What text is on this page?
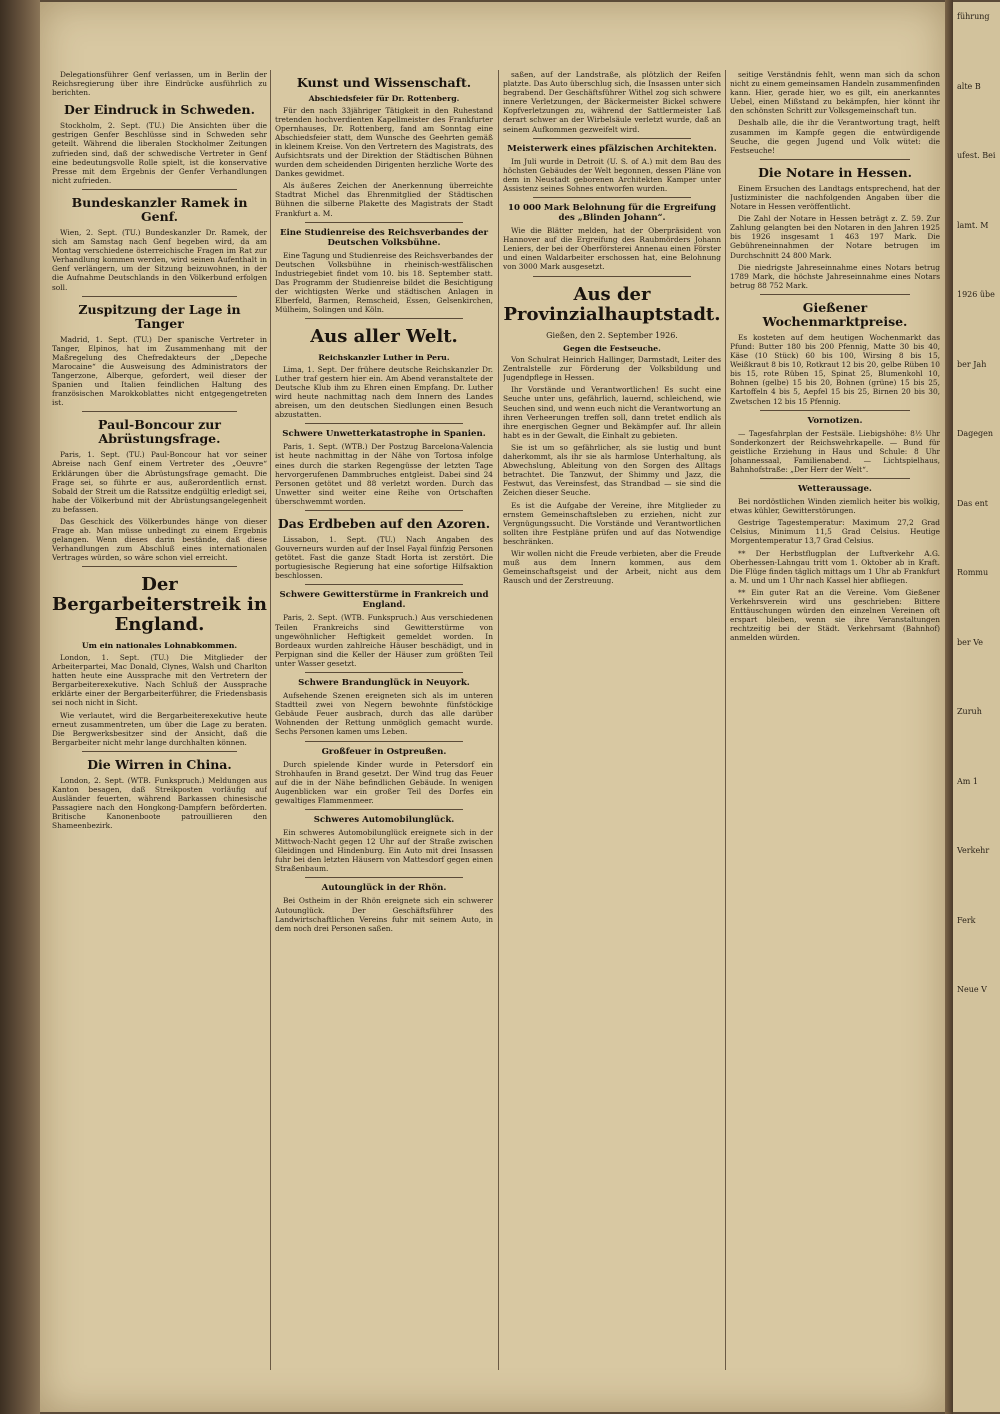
Delegationsführer Genf verlassen, um in Berlin der Reichsregierung über ihre Eindrücke ausführlich zu berichten.

Der Eindruck in Schweden.

Stockholm, 2. Sept. (TU.) Die Ansichten über die gestrigen Genfer Beschlüsse sind in Schweden sehr geteilt. Während die liberalen Stockholmer Zeitungen zufrieden sind, daß der schwedische Vertreter in Genf eine bedeutungsvolle Rolle spielt, ist die konservative Presse mit dem Ergebnis der Genfer Verhandlungen nicht zufrieden.

Bundeskanzler Ramek in Genf.

Wien, 2. Sept. (TU.) Bundeskanzler Dr. Ramek, der sich am Samstag nach Genf begeben wird, da am Montag verschiedene österreichische Fragen im Rat zur Verhandlung kommen werden, wird seinen Aufenthalt in Genf verlängern, um der Sitzung beizuwohnen, in der die Aufnahme Deutschlands in den Völkerbund erfolgen soll.

Zuspitzung der Lage in Tanger

Madrid, 1. Sept. (TU.) Der spanische Vertreter in Tanger, Elpinos, hat im Zusammenhang mit der Maßregelung des Chefredakteurs der „Depeche Marocaine“ die Ausweisung des Administrators der Tangerzone, Alberque, gefordert, weil dieser der Spanien und Italien feindlichen Haltung des französischen Marokkoblattes nicht entgegengetreten ist.

Paul-Boncour zur Abrüstungsfrage.

Paris, 1. Sept. (TU.) Paul-Boncour hat vor seiner Abreise nach Genf einem Vertreter des „Oeuvre“ Erklärungen über die Abrüstungsfrage gemacht. Die Frage sei, so führte er aus, außerordentlich ernst. Sobald der Streit um die Ratssitze endgültig erledigt sei, habe der Völkerbund mit der Abrüstungsangelegenheit zu befassen.

Das Geschick des Völkerbundes hänge von dieser Frage ab. Man müsse unbedingt zu einem Ergebnis gelangen. Wenn dieses darin bestände, daß diese Verhandlungen zum Abschluß eines internationalen Vertrages würden, so wäre schon viel erreicht.

Der Bergarbeiterstreik in England.
Um ein nationales Lohnabkommen.

London, 1. Sept. (TU.) Die Mitglieder der Arbeiterpartei, Mac Donald, Clynes, Walsh und Charlton hatten heute eine Aussprache mit den Vertretern der Bergarbeiterexekutive. Nach Schluß der Aussprache erklärte einer der Bergarbeiterführer, die Friedensbasis sei noch nicht in Sicht.

Wie verlautet, wird die Bergarbeiterexekutive heute erneut zusammentreten, um über die Lage zu beraten. Die Bergwerksbesitzer sind der Ansicht, daß die Bergarbeiter nicht mehr lange durchhalten können.

Die Wirren in China.

London, 2. Sept. (WTB. Funkspruch.) Meldungen aus Kanton besagen, daß Streikposten vorläufig auf Ausländer feuerten, während Barkassen chinesische Passagiere nach den Hongkong-Dampfern beförderten. Britische Kanonenboote patrouillieren den Shameenbezirk.

Kunst und Wissenschaft.
Abschiedsfeier für Dr. Rottenberg.

Für den nach 33jähriger Tätigkeit in den Ruhestand tretenden hochverdienten Kapellmeister des Frankfurter Opernhauses, Dr. Rottenberg, fand am Sonntag eine Abschiedsfeier statt, dem Wunsche des Geehrten gemäß in kleinem Kreise. Von den Vertretern des Magistrats, des Aufsichtsrats und der Direktion der Städtischen Bühnen wurden dem scheidenden Dirigenten herzliche Worte des Dankes gewidmet.

Als äußeres Zeichen der Anerkennung überreichte Stadtrat Michel das Ehrenmitglied der Städtischen Bühnen die silberne Plakette des Magistrats der Stadt Frankfurt a. M.

Eine Studienreise des Reichsverbandes der Deutschen Volksbühne.

Eine Tagung und Studienreise des Reichsverbandes der Deutschen Volksbühne in rheinisch-westfälischen Industriegebiet findet vom 10. bis 18. September statt. Das Programm der Studienreise bildet die Besichtigung der wichtigsten Werke und städtischen Anlagen in Elberfeld, Barmen, Remscheid, Essen, Gelsenkirchen, Mülheim, Solingen und Köln.

Aus aller Welt.
Reichskanzler Luther in Peru.

Lima, 1. Sept. Der frühere deutsche Reichskanzler Dr. Luther traf gestern hier ein. Am Abend veranstaltete der Deutsche Klub ihm zu Ehren einen Empfang. Dr. Luther wird heute nachmittag nach dem Innern des Landes abreisen, um den deutschen Siedlungen einen Besuch abzustatten.

Schwere Unwetterkatastrophe in Spanien.

Paris, 1. Sept. (WTB.) Der Postzug Barcelona-Valencia ist heute nachmittag in der Nähe von Tortosa infolge eines durch die starken Regengüsse der letzten Tage hervorgerufenen Dammbruches entgleist. Dabei sind 24 Personen getötet und 88 verletzt worden. Durch das Unwetter sind weiter eine Reihe von Ortschaften überschwemmt worden.

Das Erdbeben auf den Azoren.

Lissabon, 1. Sept. (TU.) Nach Angaben des Gouverneurs wurden auf der Insel Fayal fünfzig Personen getötet. Fast die ganze Stadt Horta ist zerstört. Die portugiesische Regierung hat eine sofortige Hilfsaktion beschlossen.

Schwere Gewitterstürme in Frankreich und England.

Paris, 2. Sept. (WTB. Funkspruch.) Aus verschiedenen Teilen Frankreichs sind Gewitterstürme von ungewöhnlicher Heftigkeit gemeldet worden. In Bordeaux wurden zahlreiche Häuser beschädigt, und in Perpignan sind die Keller der Häuser zum größten Teil unter Wasser gesetzt.

Schwere Brandunglück in Neuyork.

Aufsehende Szenen ereigneten sich als im unteren Stadtteil zwei von Negern bewohnte fünfstöckige Gebäude Feuer ausbrach, durch das alle darüber Wohnenden der Rettung unmöglich gemacht wurde. Sechs Personen kamen ums Leben.

Großfeuer in Ostpreußen.

Durch spielende Kinder wurde in Petersdorf ein Strohhaufen in Brand gesetzt. Der Wind trug das Feuer auf die in der Nähe befindlichen Gebäude. In wenigen Augenblicken war ein großer Teil des Dorfes ein gewaltiges Flammenmeer.

Schweres Automobilunglück.

Ein schweres Automobilunglück ereignete sich in der Mittwoch-Nacht gegen 12 Uhr auf der Straße zwischen Gleidingen und Hindenburg. Ein Auto mit drei Insassen fuhr bei den letzten Häusern von Mattesdorf gegen einen Straßenbaum.

Autounglück in der Rhön.

Bei Ostheim in der Rhön ereignete sich ein schwerer Autounglück. Der Geschäftsführer des Landwirtschaftlichen Vereins fuhr mit seinem Auto, in dem noch drei Personen saßen.

saßen, auf der Landstraße, als plötzlich der Reifen platzte. Das Auto überschlug sich, die Insassen unter sich begrabend. Der Geschäftsführer Withel zog sich schwere innere Verletzungen, der Bäckermeister Bickel schwere Kopfverletzungen zu, während der Sattlermeister Laß derart schwer an der Wirbelsäule verletzt wurde, daß an seinem Aufkommen gezweifelt wird.

Meisterwerk eines pfälzischen Architekten.

Im Juli wurde in Detroit (U. S. of A.) mit dem Bau des höchsten Gebäudes der Welt begonnen, dessen Pläne von dem in Neustadt geborenen Architekten Kamper unter Assistenz seines Sohnes entworfen wurden.

10 000 Mark Belohnung für die Ergreifung des „Blinden Johann“.

Wie die Blätter melden, hat der Oberpräsident von Hannover auf die Ergreifung des Raubmörders Johann Leniers, der bei der Oberförsterei Annenau einen Förster und einen Waldarbeiter erschossen hat, eine Belohnung von 3000 Mark ausgesetzt.

Aus der Provinzialhauptstadt.
Gießen, den 2. September 1926.
Gegen die Festseuche.

Von Schulrat Heinrich Hallinger, Darmstadt, Leiter des Zentralstelle zur Förderung der Volksbildung und Jugendpflege in Hessen.

Ihr Vorstände und Verantwortlichen! Es sucht eine Seuche unter uns, gefährlich, lauernd, schleichend, wie Seuchen sind, und wenn euch nicht die Verantwortung an ihren Verheerungen treffen soll, dann tretet endlich als ihre energischen Gegner und Bekämpfer auf. Ihr allein habt es in der Gewalt, die Einhalt zu gebieten.

Sie ist um so gefährlicher, als sie lustig und bunt daherkommt, als ihr sie als harmlose Unterhaltung, als Abwechslung, Ableitung von den Sorgen des Alltags betrachtet. Die Tanzwut, der Shimmy und Jazz, die Festwut, das Vereinsfest, das Strandbad — sie sind die Zeichen dieser Seuche.

Es ist die Aufgabe der Vereine, ihre Mitglieder zu ernstem Gemeinschaftsleben zu erziehen, nicht zur Vergnügungssucht. Die Vorstände und Verantwortlichen sollten ihre Festpläne prüfen und auf das Notwendige beschränken.

Wir wollen nicht die Freude verbieten, aber die Freude muß aus dem Innern kommen, aus dem Gemeinschaftsgeist und der Arbeit, nicht aus dem Rausch und der Zerstreuung.

seitige Verständnis fehlt, wenn man sich da schon nicht zu einem gemeinsamen Handeln zusammenfinden kann. Hier, gerade hier, wo es gilt, ein anerkanntes Uebel, einen Mißstand zu bekämpfen, hier könnt ihr den schönsten Schritt zur Volksgemeinschaft tun.

Deshalb alle, die ihr die Verantwortung tragt, helft zusammen im Kampfe gegen die entwürdigende Seuche, die gegen Jugend und Volk wütet: die Festseuche!

Die Notare in Hessen.

Einem Ersuchen des Landtags entsprechend, hat der Justizminister die nachfolgenden Angaben über die Notare in Hessen veröffentlicht.

Die Zahl der Notare in Hessen beträgt z. Z. 59. Zur Zahlung gelangten bei den Notaren in den Jahren 1925 bis 1926 insgesamt 1 463 197 Mark. Die Gebühreneinnahmen der Notare betrugen im Durchschnitt 24 800 Mark.

Die niedrigste Jahreseinnahme eines Notars betrug 1789 Mark, die höchste Jahreseinnahme eines Notars betrug 88 752 Mark.

Gießener Wochenmarktpreise.

Es kosteten auf dem heutigen Wochenmarkt das Pfund: Butter 180 bis 200 Pfennig, Matte 30 bis 40, Käse (10 Stück) 60 bis 100, Wirsing 8 bis 15, Weißkraut 8 bis 10, Rotkraut 12 bis 20, gelbe Rüben 10 bis 15, rote Rüben 15, Spinat 25, Blumenkohl 10, Bohnen (gelbe) 15 bis 20, Bohnen (grüne) 15 bis 25, Kartoffeln 4 bis 5, Aepfel 15 bis 25, Birnen 20 bis 30, Zwetschen 12 bis 15 Pfennig.

Vornotizen.

— Tagesfahrplan der Festsäle. Liebigshöhe: 8½ Uhr Sonderkonzert der Reichswehrkapelle. — Bund für geistliche Erziehung in Haus und Schule: 8 Uhr Johannessaal, Familienabend. — Lichtspielhaus, Bahnhofstraße: „Der Herr der Welt“.

Wetteraussage.

Bei nordöstlichen Winden ziemlich heiter bis wolkig, etwas kühler, Gewitterstörungen.

Gestrige Tagestemperatur: Maximum 27,2 Grad Celsius, Minimum 11,5 Grad Celsius. Heutige Morgentemperatur 13,7 Grad Celsius.

** Der Herbstflugplan der Luftverkehr A.G. Oberhessen-Lahngau tritt vom 1. Oktober ab in Kraft. Die Flüge finden täglich mittags um 1 Uhr ab Frankfurt a. M. und um 1 Uhr nach Kassel hier abfliegen.

** Ein guter Rat an die Vereine. Vom Gießener Verkehrsverein wird uns geschrieben: Bittere Enttäuschungen würden den einzelnen Vereinen oft erspart bleiben, wenn sie ihre Veranstaltungen rechtzeitig bei der Städt. Verkehrsamt (Bahnhof) anmelden würden.

führung
alte B
ufest. Bei
lamt. M
1926 übe
ber Jah
Dagegen
Das ent
Rommu
ber Ve
Zuruh
Am 1
Verkehr
Ferk
Neue V
